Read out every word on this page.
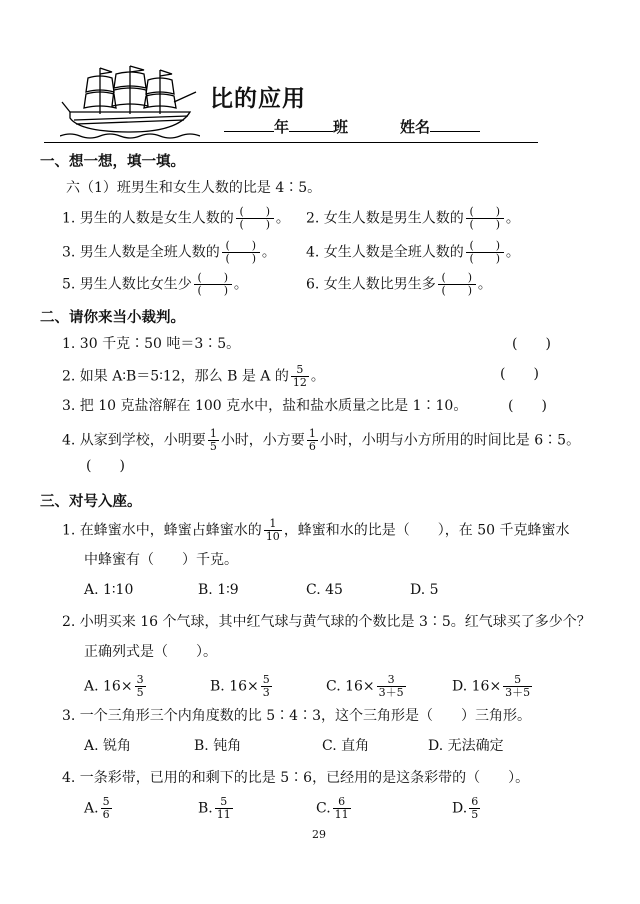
比的应用
年	班	姓名
一、想一想，填一填。
六（1）班男生和女生人数的比是 4∶5。
1. 男生的人数是女生人数的 $\frac{( )}{( )}$ 。 2. 女生人数是男生人数的 $\frac{( )}{( )}$ 。
3. 男生人数是全班人数的 $\frac{( )}{( )}$ 。 4. 女生人数是全班人数的 $\frac{( )}{( )}$ 。
5. 男生人数比女生少 $\frac{( )}{( )}$ 。	6. 女生人数比男生多 $\frac{( )}{( )}$ 。
二、请你来当小裁判。
1. 30 千克∶50 吨＝3∶5。	(　　)
2. 如果 A∶B＝5∶12，那么 B 是 A 的 $\frac{5}{12}$ 。	(　　)
3. 把 10 克盐溶解在 100 克水中，盐和盐水质量之比是 1∶10。	(　　)
4. 从家到学校，小明要 $\frac{1}{5}$ 小时，小方要 $\frac{1}{6}$ 小时，小明与小方所用的时间比是 6∶5。
(　　)
三、对号入座。
1. 在蜂蜜水中，蜂蜜占蜂蜜水的 $\frac{1}{10}$ ，蜂蜜和水的比是（　　），在 50 千克蜂蜜水
中蜂蜜有（　　）千克。
A. 1∶10	B. 1∶9	C. 45	D. 5
2. 小明买来 16 个气球，其中红气球与黄气球的个数比是 3∶5。红气球买了多少个？
正确列式是（　　）。
A. $16\times \frac{3}{5}$	B. $16\times \frac{5}{3}$	C. $16\times \frac{3}{3+5}$	D. $16\times \frac{5}{3+5}$
3. 一个三角形三个内角度数的比 5∶4∶3，这个三角形是（　　）三角形。
A. 锐角	B. 钝角	C. 直角	D. 无法确定
4. 一条彩带，已用的和剩下的比是 5∶6，已经用的是这条彩带的（　　）。
A. $\frac{5}{6}$	B. $\frac{5}{11}$	C. $\frac{6}{11}$	D. $\frac{6}{5}$
29
